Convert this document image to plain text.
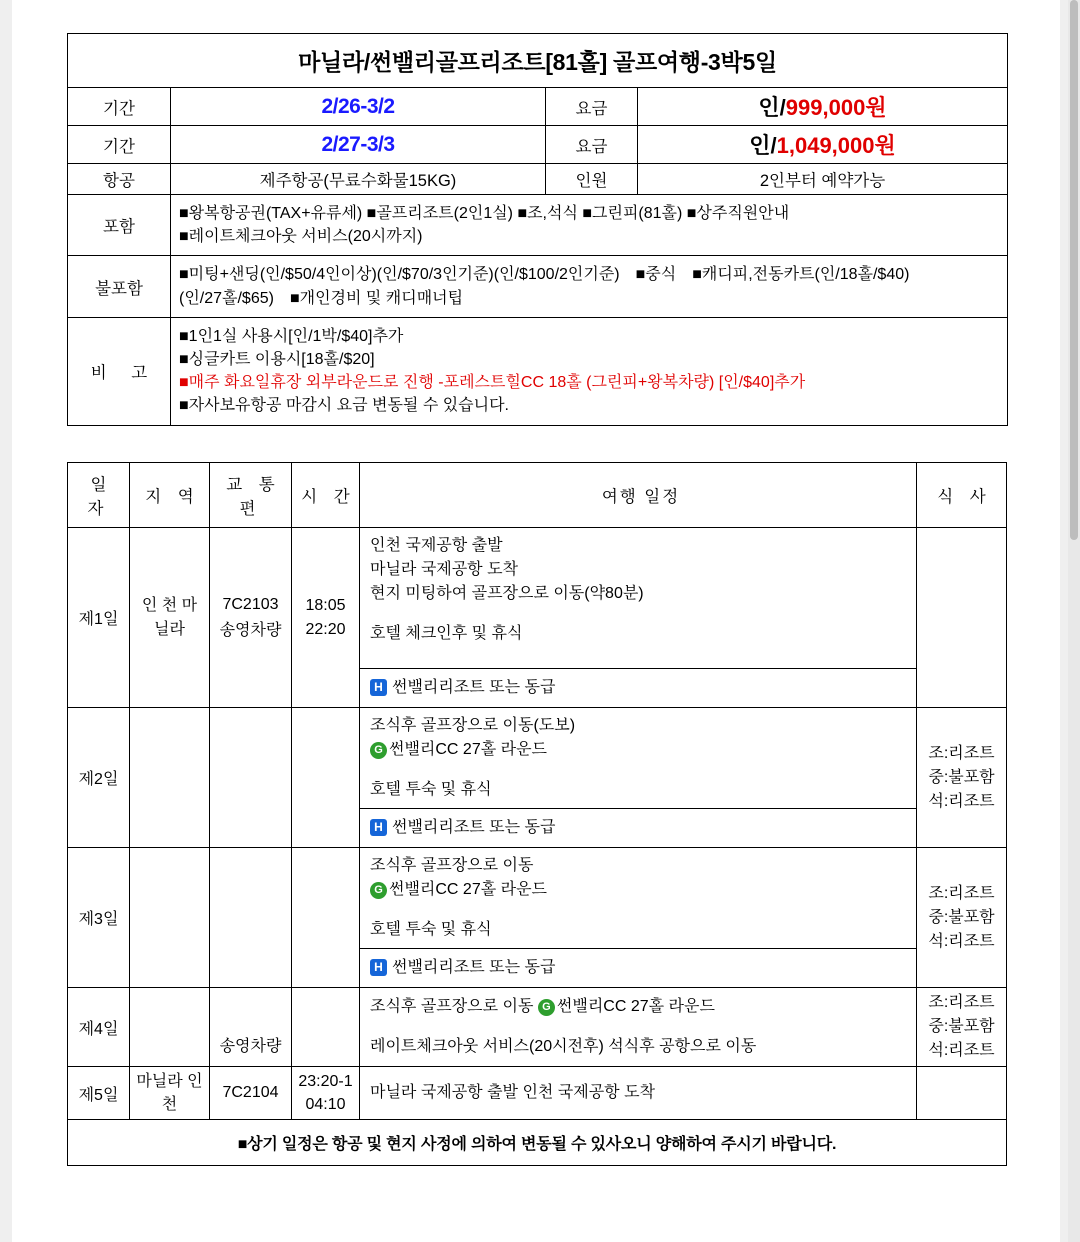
마닐라/썬밸리골프리조트[81홀] 골프여행-3박5일			
기간	2/26-3/2	요금	인/999,000원
기간	2/27-3/3	요금	인/1,049,000원
항공	제주항공(무료수화물15KG)	인원	2인부터 예약가능
포함	■왕복항공권(TAX+유류세) ■골프리조트(2인1실) ■조,석식 ■그린피(81홀) ■상주직원안내
■레이트체크아웃 서비스(20시까지)		

불포함	■미팅+샌딩(인/$50/4인이상)(인/$70/3인기준)(인/$100/2인기준)　■중식　■캐디피,전동카트(인/18홀/$40)
(인/27홀/$65)　■개인경비 및 캐디매너팁		

비 고	■1인1실 사용시[인/1박/$40]추가
■싱글카트 이용시[18홀/$20]
■매주 화요일휴장 외부라운드로 진행 -포레스트힐CC 18홀 (그린피+왕복차량) [인/$40]추가
■자사보유항공 마감시 요금 변동될 수 있습니다.		
일 자	지 역	교 통 편	시 간	여행 일정	식 사
제1일	인 천 마닐라	7C2103 송영차량	18:05 22:20	인천 국제공항 출발
마닐라 국제공항 도착
현지 미팅하여 골프장으로 이동(약80분)
호텔 체크인후 및 휴식
H 썬밸리리조트 또는 동급	

제2일				조식후 골프장으로 이동(도보)
G 썬밸리CC 27홀 라운드
호텔 투숙 및 휴식
H 썬밸리리조트 또는 동급	조:리조트 중:불포함 석:리조트
제3일				조식후 골프장으로 이동
G 썬밸리CC 27홀 라운드
호텔 투숙 및 휴식
H 썬밸리리조트 또는 동급	조:리조트 중:불포함 석:리조트
제4일		송영차량		조식후 골프장으로 이동 G 썬밸리CC 27홀 라운드
레이트체크아웃 서비스(20시전후) 석식후 공항으로 이동	조:리조트 중:불포함 석:리조트
제5일	마닐라 인 천	7C2104	23:20-1 04:10	마닐라 국제공항 출발 인천 국제공항 도착	
■상기 일정은 항공 및 현지 사정에 의하여 변동될 수 있사오니 양해하여 주시기 바랍니다.					
